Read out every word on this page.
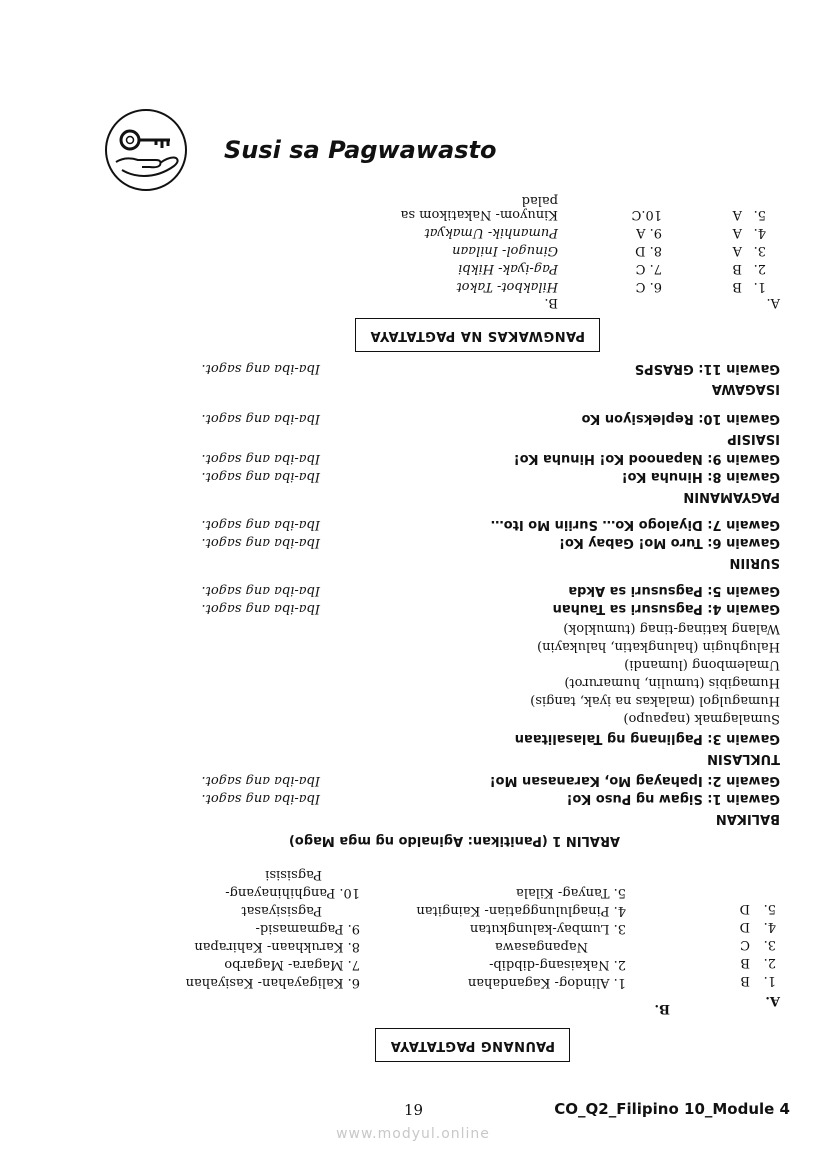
Susi sa Pagwawasto
PAUNANG PAGTATAYA
B.
A.
1.
2.
3.
4.
5.
B
B
C
D
D
1. Alindog- Kagandahan
2. Nakaisang-dibdib-
Napangasawa
3. Lumbay-kalungkutan
4. Pinaglulunggatian- Kaingitan
5. Tanyag- Kilala
6. Kaligayahan- Kasiyahan
7. Magara- Magarbo
8. Karukhaan- Kahirapan
9. Pagmamasid-
Pagsisiyasat
10. Panghihinayang-
Pagsisisi
ARALIN 1 (Panitikan: Aginaldo ng mga Mago)
BALIKAN
Gawain 1: Sigaw ng Puso Ko!
Iba-iba ang sagot.
Gawain 2: Ipahayag Mo, Karanasan Mo!
Iba-iba ang sagot.
TUKLASIN
Gawain 3: Paglinang ng Talasalitaan
Sumalagmak (napaupo)
Humagulgol (malakas na iyak, tangis)
Humagibis (tumulin, humarurot)
Umalembong (lumandi)
Halughugin (halungkatin, halukayin)
Walang katinag-tinag (tumuklok)
Gawain 4: Pagsusuri sa Tauhan
Iba-iba ang sagot.
Gawain 5: Pagsusuri sa Akda
Iba-iba ang sagot.
SURIIN
Gawain 6: Turo Mo! Gabay Ko!
Iba-iba ang sagot.
Gawain 7: Diyalogo Ko… Suriin Mo Ito…
Iba-iba ang sagot.
PAGYAMANIN
Gawain 8: Hinuha Ko!
Iba-iba ang sagot.
Gawain 9: Napanood Ko! Hinuha Ko!
Iba-iba ang sagot.
ISAISIP
Gawain 10: Repleksiyon Ko
Iba-iba ang sagot.
ISAGAWA
Gawain 11: GRASPS
Iba-iba ang sagot.
PANGWAKAS NA PAGTATAYA
A.
B.
1.
2.
3.
4.
5.
B
B
A
A
A
6. C
7. C
8. D
9. A
10.C
Hilakbot- Takot
Pag-iyak- Hikbi
Ginugol- Inilaan
Pumanhik- Umakyat
Kinuyom- Nakatikom sa
palad
19	CO_Q2_Filipino 10_Module 4
www.modyul.online
